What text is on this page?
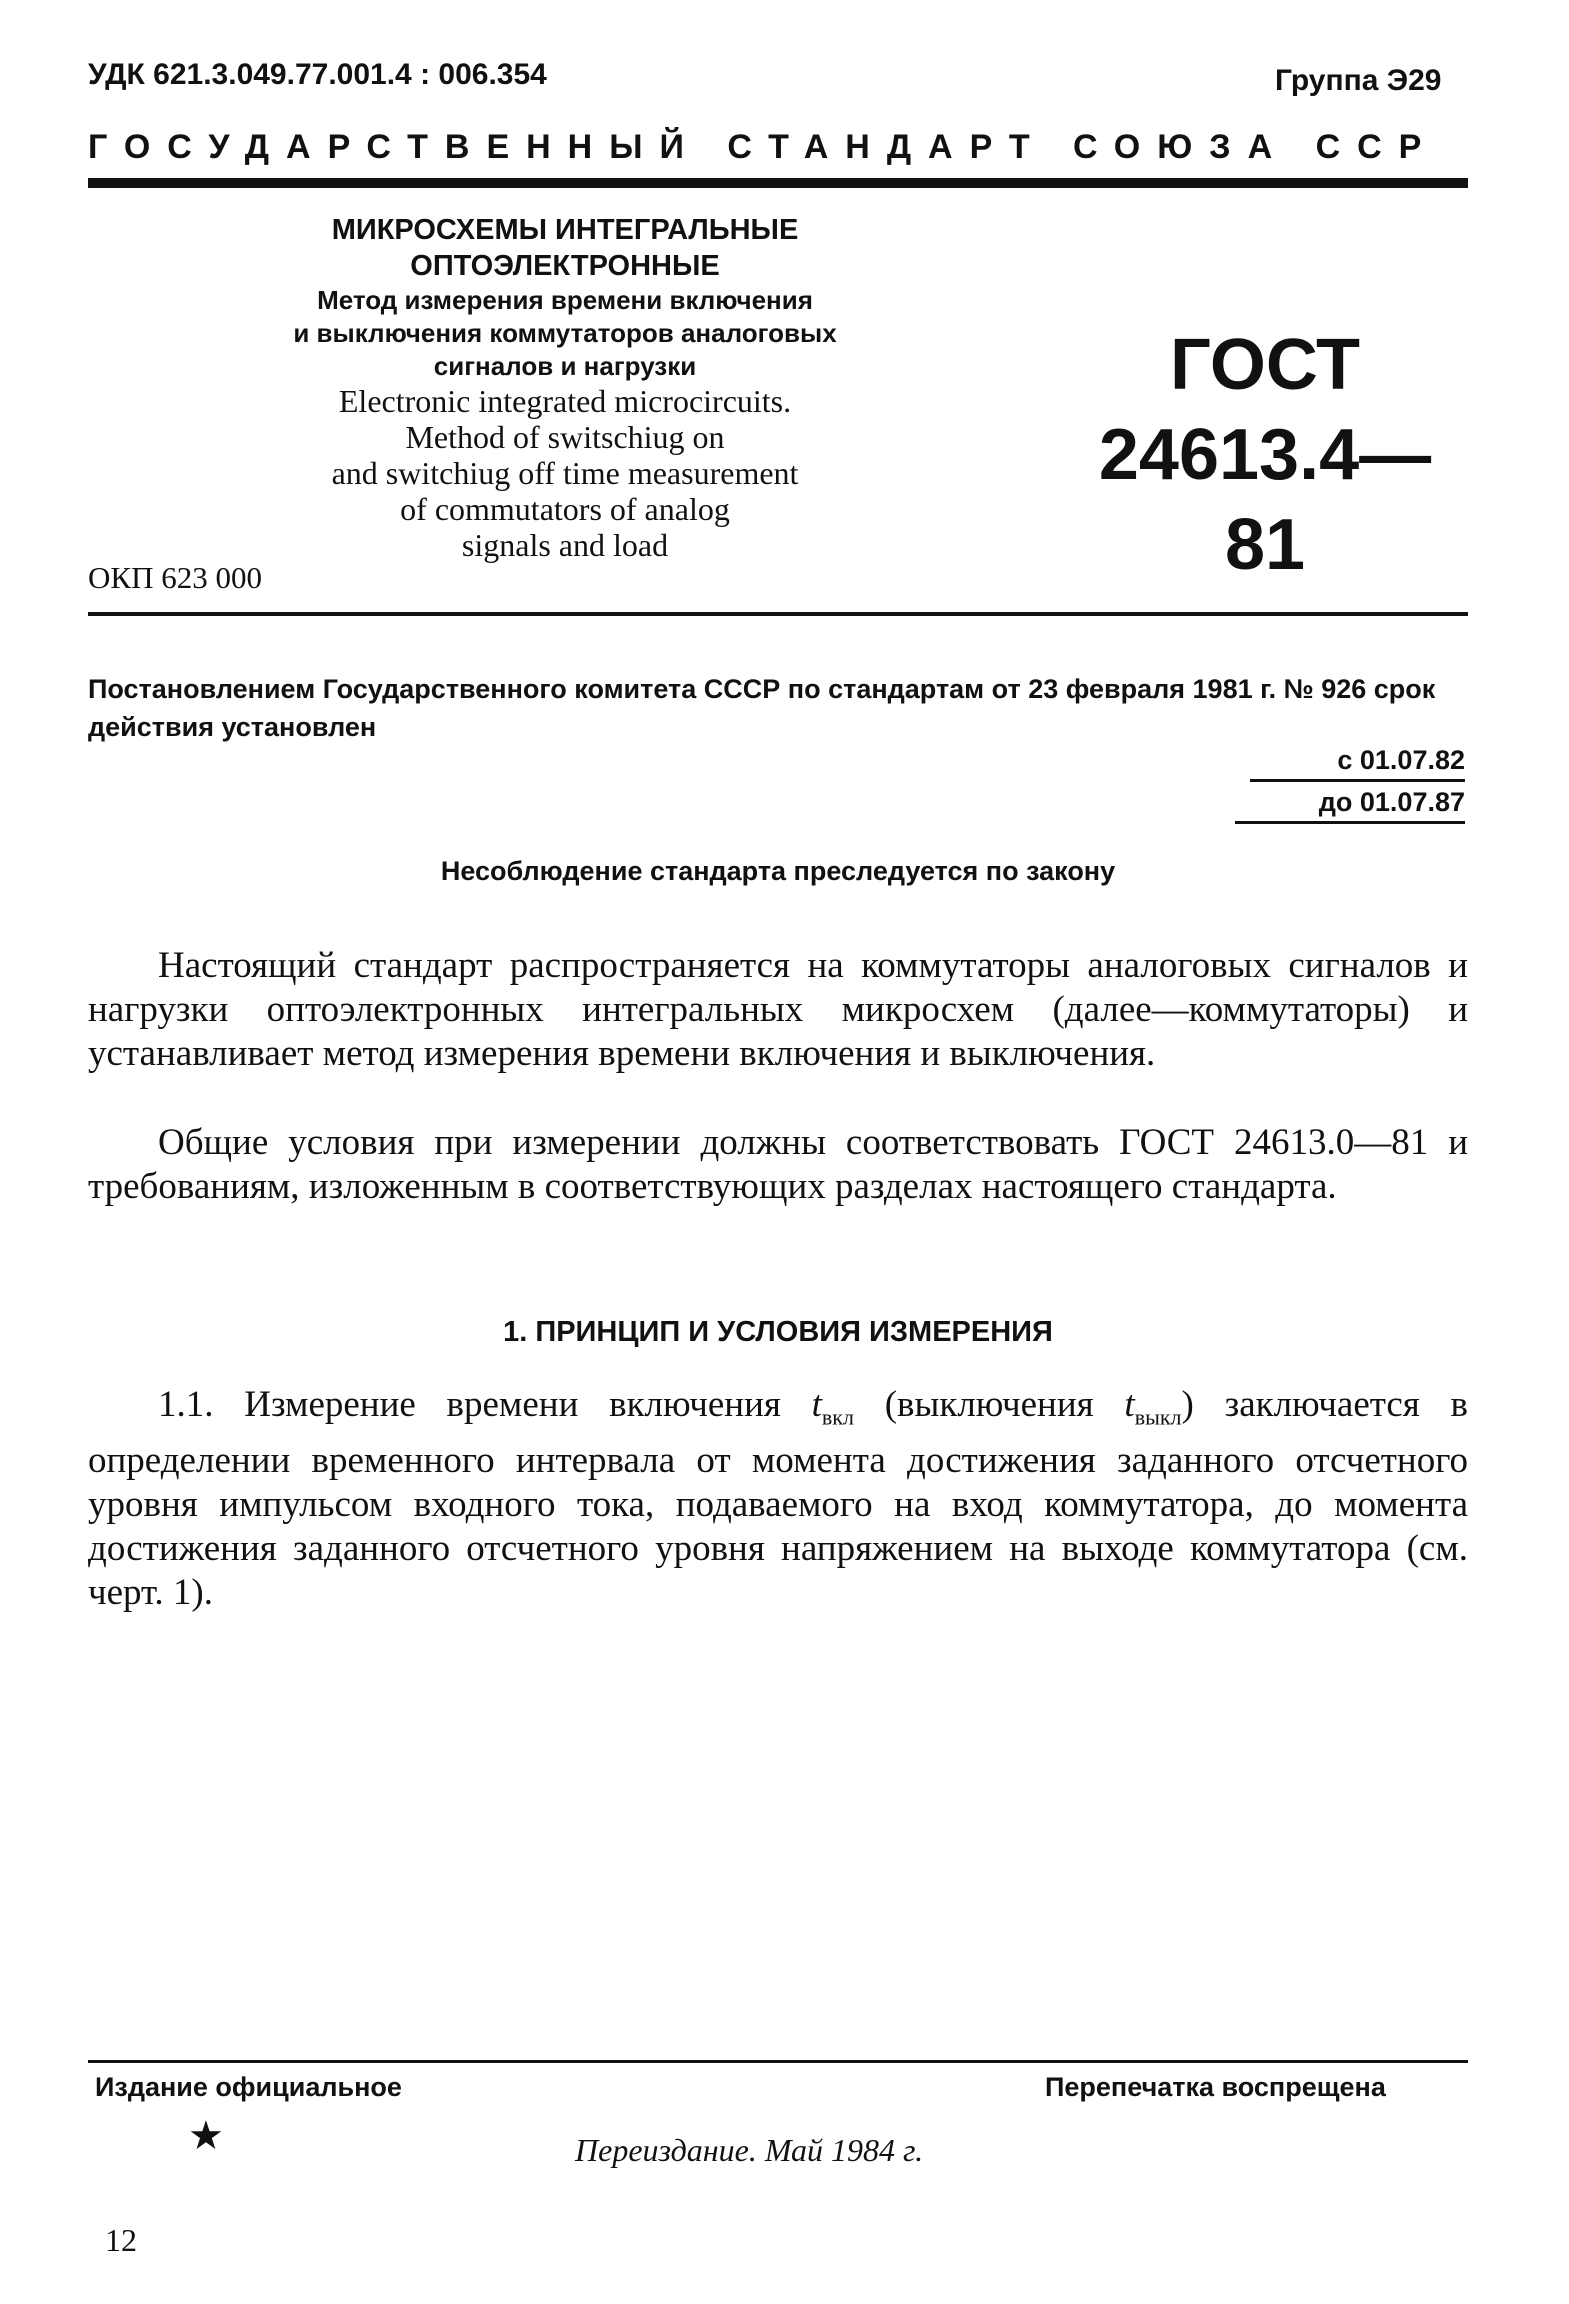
УДК 621.3.049.77.001.4 : 006.354	Группа Э29
ГОСУДАРСТВЕННЫЙ СТАНДАРТ СОЮЗА ССР
МИКРОСХЕМЫ ИНТЕГРАЛЬНЫЕ
ОПТОЭЛЕКТРОННЫЕ
Метод измерения времени включения
и выключения коммутаторов аналоговых
сигналов и нагрузки
Electronic integrated microcircuits.
Method of switschiug on
and switchiug off time measurement
of commutators of analog
signals and load
ГОСТ
24613.4—81
ОКП 623 000
Постановлением Государственного комитета СССР по стандартам от 23 февраля 1981 г. № 926 срок действия установлен
с 01.07.82
до 01.07.87
Несоблюдение стандарта преследуется по закону
Настоящий стандарт распространяется на коммутаторы аналоговых сигналов и нагрузки оптоэлектронных интегральных микросхем (далее—коммутаторы) и устанавливает метод измерения времени включения и выключения.
Общие условия при измерении должны соответствовать ГОСТ 24613.0—81 и требованиям, изложенным в соответствующих разделах настоящего стандарта.
1. ПРИНЦИП И УСЛОВИЯ ИЗМЕРЕНИЯ
1.1. Измерение времени включения $t_{вкл}$ (выключения $t_{выкл}$) заключается в определении временного интервала от момента достижения заданного отсчетного уровня импульсом входного тока, подаваемого на вход коммутатора, до момента достижения заданного отсчетного уровня напряжением на выходе коммутатора (см. черт. 1).
Издание официальное	Перепечатка воспрещена
★	Переиздание. Май 1984 г.
12
